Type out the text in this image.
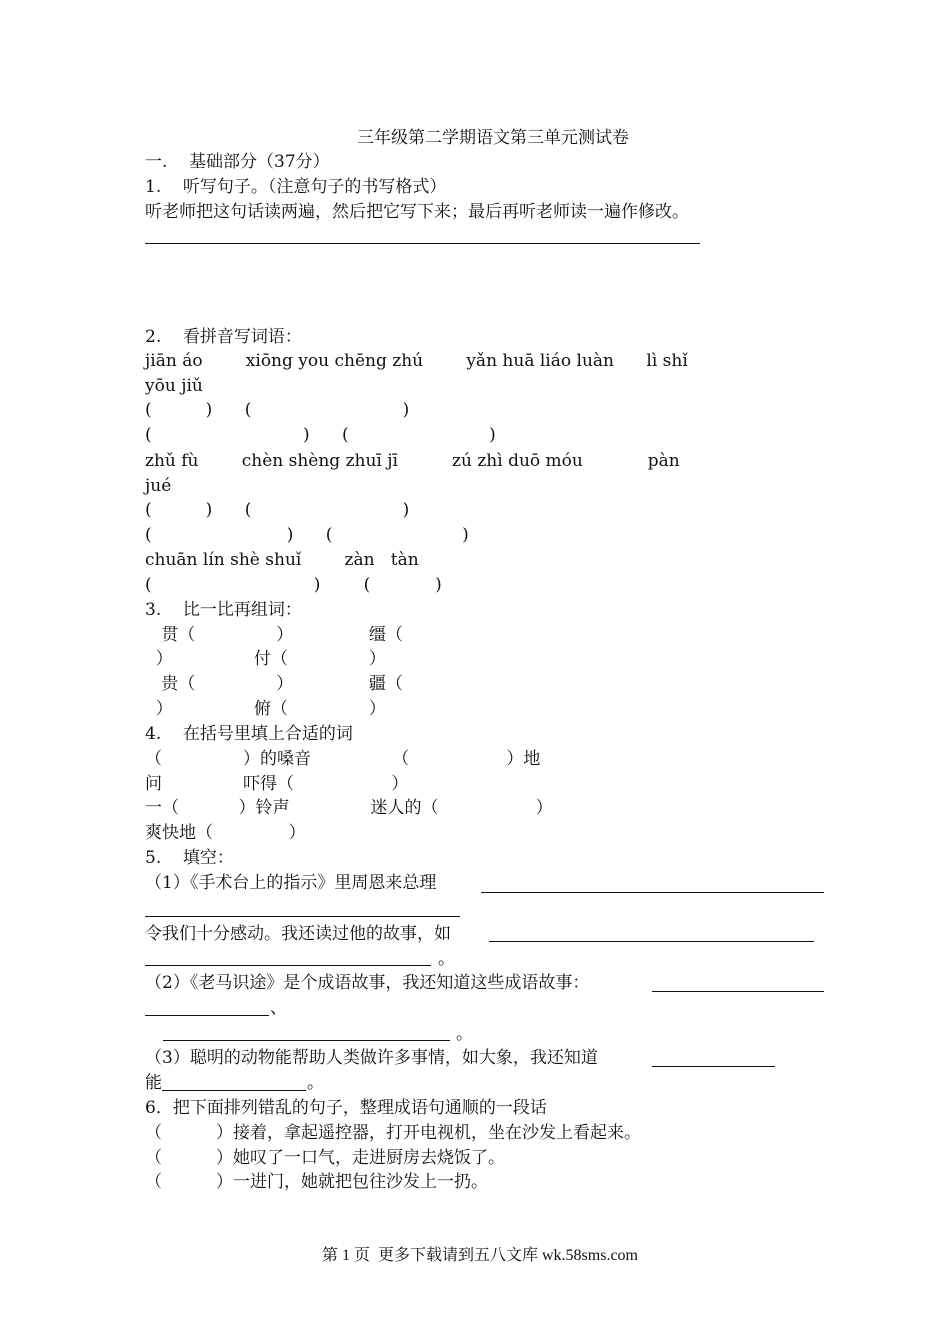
三年级第二学期语文第三单元测试卷
一.    基础部分（37分）
1.    听写句子。（注意句子的书写格式）
听老师把这句话读两遍，然后把它写下来；最后再听老师读一遍作修改。
2.    看拼音写词语：
jiān áo        xiōng you chēng zhú        yǎn huā liáo luàn      lì shǐ
yōu jiǔ
(          )      (                            )
(                            )      (                          )
zhǔ fù        chèn shèng zhuī jī          zú zhì duō móu            pàn
jué
(          )      (                            )
(                         )      (                        )
chuān lín shè shuǐ        zàn   tàn
(                              )        (            )
3.    比一比再组词：
贯（               ）              缰（
）               付（               ）
贵（               ）              疆（
）               俯（               ）
4.    在括号里填上合适的词
（               ）的嗓音               （                  ）地
问               吓得（                  ）
一（           ）铃声               迷人的（                  ）
爽快地（              ）
5.    填空：
（1）《手术台上的指示》里周恩来总理
令我们十分感动。我还读过他的故事，如
。
（2）《老马识途》是个成语故事，我还知道这些成语故事：
、
。
（3）聪明的动物能帮助人类做许多事情，如大象，我还知道
能	。
6．把下面排列错乱的句子，整理成语句通顺的一段话
（          ）接着，拿起遥控器，打开电视机，坐在沙发上看起来。
（          ）她叹了一口气，走进厨房去烧饭了。
（          ）一进门，她就把包往沙发上一扔。
第 1 页  更多下载请到五八文库 wk.58sms.com
